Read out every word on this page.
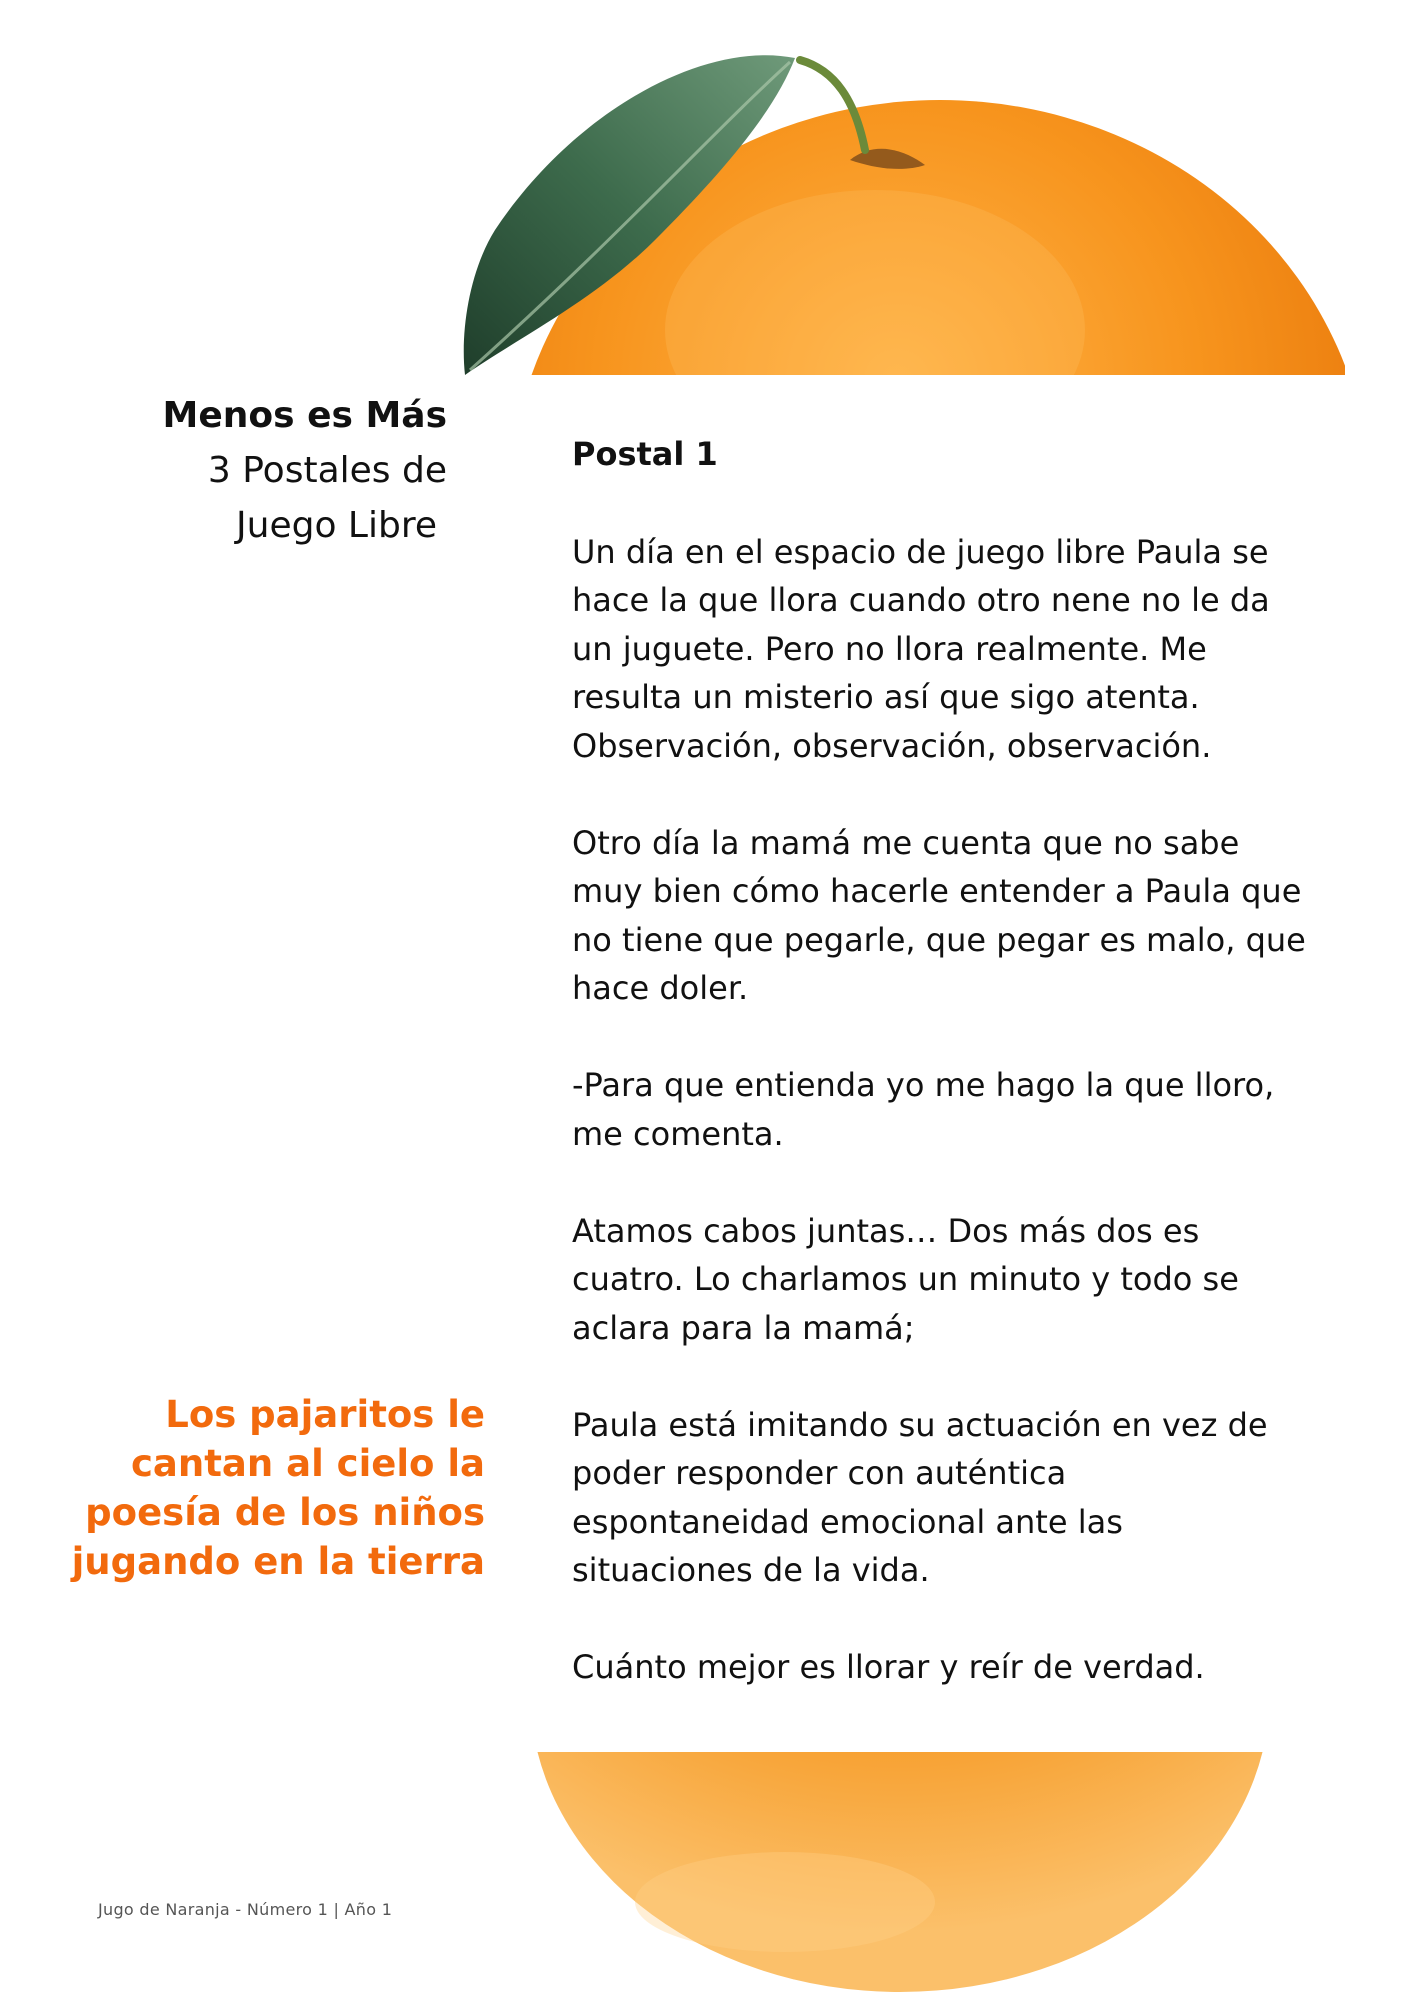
Menos es Más
3 Postales de
Juego Libre
Los pajaritos le cantan al cielo la poesía de los niños jugando en la tierra
Postal 1

Un día en el espacio de juego libre Paula se hace la que llora cuando otro nene no le da un juguete. Pero no llora realmente. Me resulta un misterio así que sigo atenta. Observación, observación, observación.

Otro día la mamá me cuenta que no sabe muy bien cómo hacerle entender a Paula que no tiene que pegarle, que pegar es malo, que hace doler.

-Para que entienda yo me hago la que lloro, me comenta.

Atamos cabos juntas… Dos más dos es cuatro. Lo charlamos un minuto y todo se aclara para la mamá;

Paula está imitando su actuación en vez de poder responder con auténtica espontaneidad emocional ante las situaciones de la vida.

Cuánto mejor es llorar y reír de verdad.

Jugo de Naranja - Número 1 | Año 1
